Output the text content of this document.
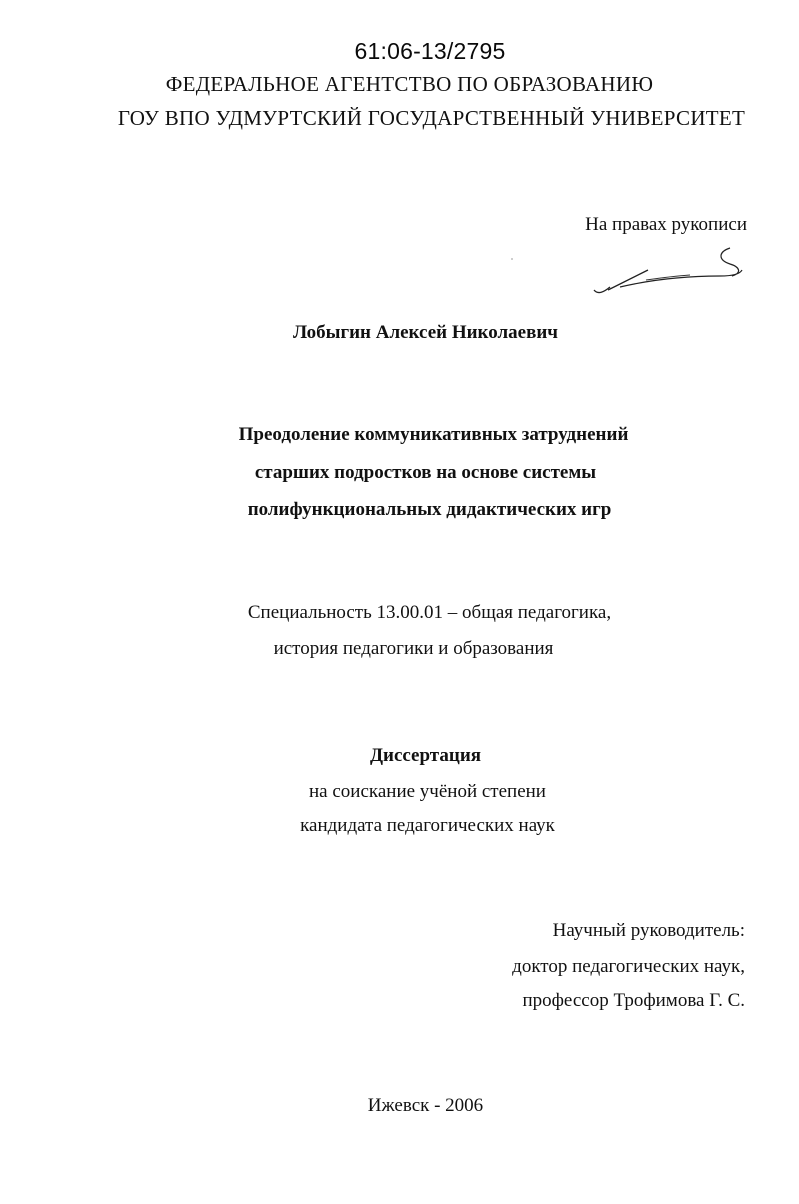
61:06-13/2795
ФЕДЕРАЛЬНОЕ АГЕНТСТВО ПО ОБРАЗОВАНИЮ
ГОУ ВПО УДМУРТСКИЙ ГОСУДАРСТВЕННЫЙ УНИВЕРСИТЕТ
На правах рукописи
Лобыгин Алексей Николаевич
Преодоление коммуникативных затруднений
старших подростков на основе системы
полифункциональных дидактических игр
Специальность 13.00.01 – общая педагогика,
история педагогики и образования
Диссертация
на соискание учёной степени
кандидата педагогических наук
Научный руководитель:
доктор педагогических наук,
профессор Трофимова Г. С.
Ижевск - 2006
